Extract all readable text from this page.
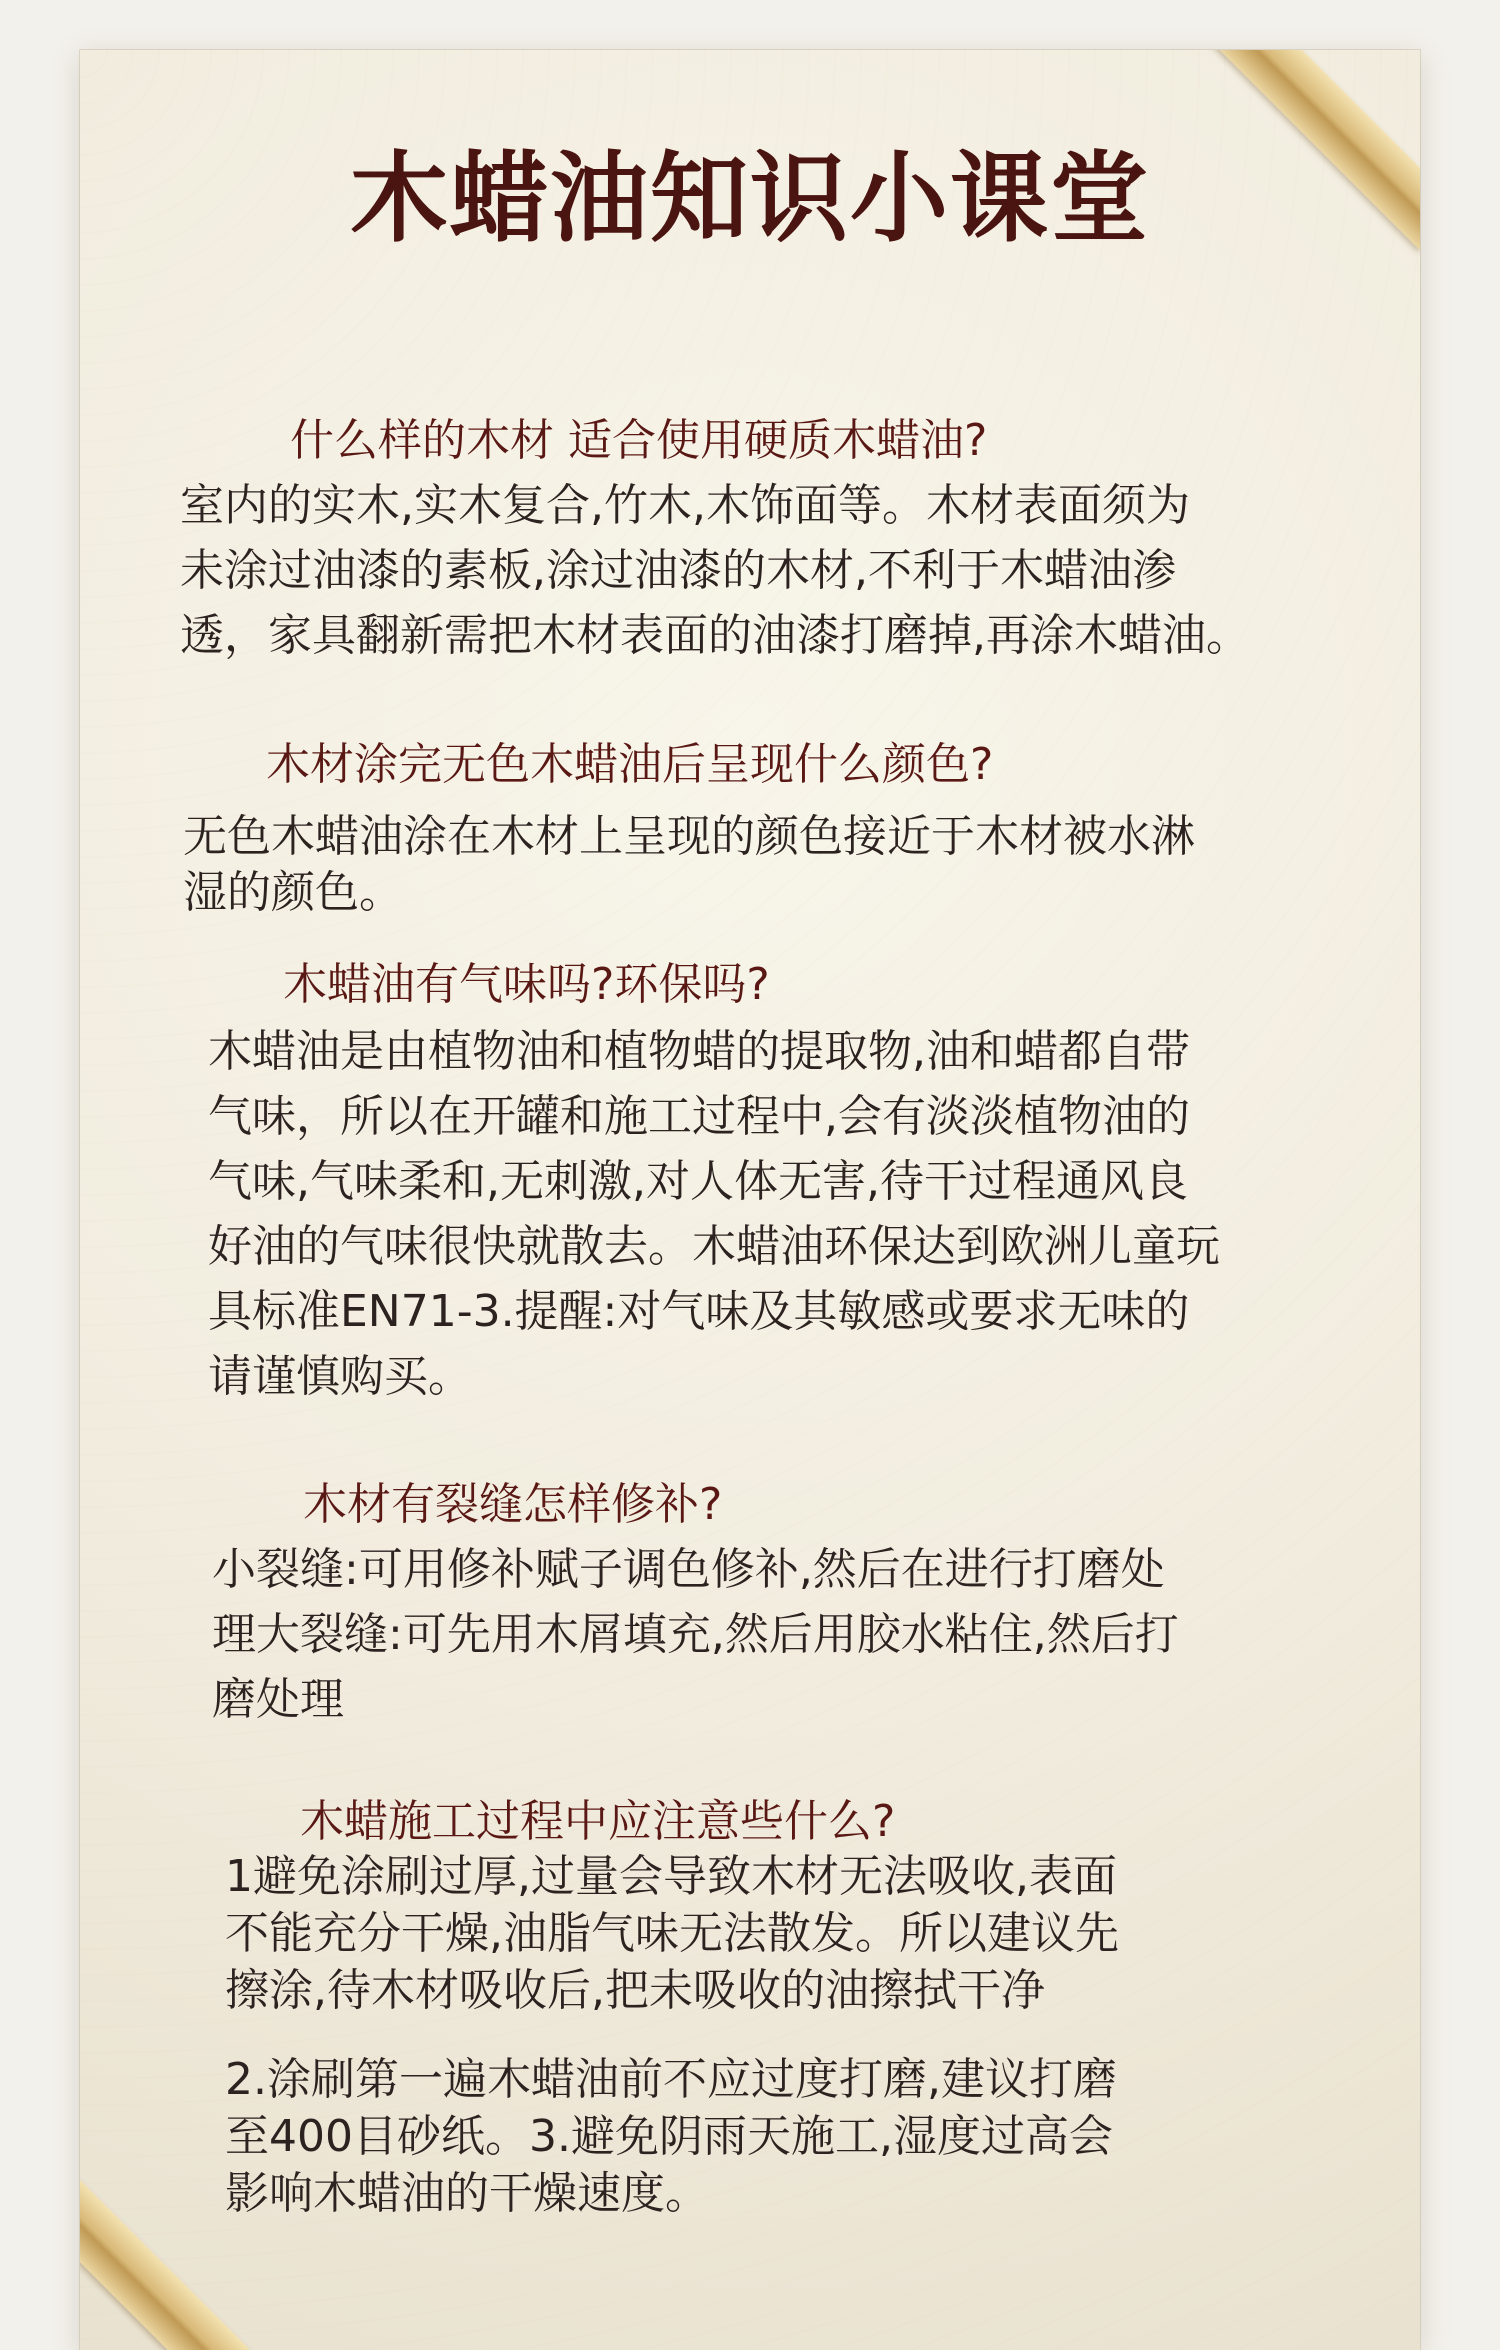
木蜡油知识小课堂

什么样的木材 适合使用硬质木蜡油?

室内的实木,实木复合,竹木,木饰面等。木材表面须为
未涂过油漆的素板,涂过油漆的木材,不利于木蜡油渗
透，家具翻新需把木材表面的油漆打磨掉,再涂木蜡油。

木材涂完无色木蜡油后呈现什么颜色?

无色木蜡油涂在木材上呈现的颜色接近于木材被水淋
湿的颜色。

木蜡油有气味吗?环保吗?

木蜡油是由植物油和植物蜡的提取物,油和蜡都自带
气味，所以在开罐和施工过程中,会有淡淡植物油的
气味,气味柔和,无刺激,对人体无害,待干过程通风良
好油的气味很快就散去。木蜡油环保达到欧洲儿童玩
具标准EN71-3.提醒:对气味及其敏感或要求无味的
请谨慎购买。

木材有裂缝怎样修补?

小裂缝:可用修补赋子调色修补,然后在进行打磨处
理大裂缝:可先用木屑填充,然后用胶水粘住,然后打
磨处理

木蜡施工过程中应注意些什么?

1避免涂刷过厚,过量会导致木材无法吸收,表面
不能充分干燥,油脂气味无法散发。所以建议先
擦涂,待木材吸收后,把未吸收的油擦拭干净
2.涂刷第一遍木蜡油前不应过度打磨,建议打磨
至400目砂纸。3.避免阴雨天施工,湿度过高会
影响木蜡油的干燥速度。
